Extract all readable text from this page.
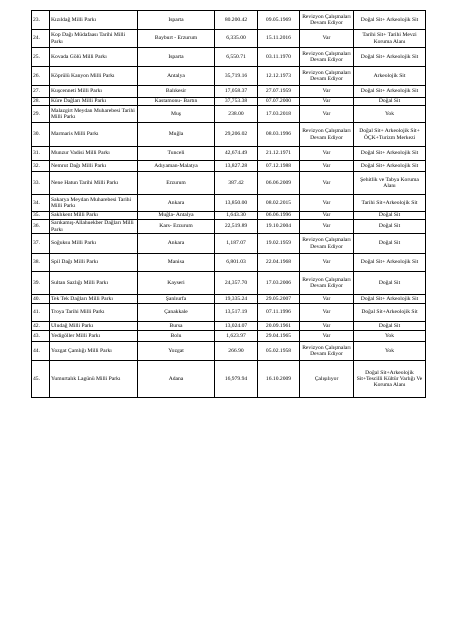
23.	Kızıldağ Milli Parkı	Isparta	80.200.42	09.05.1969	Revizyon Çalışmaları Devam Ediyor	Doğal Sit+ Arkeolojik Sit
24.	Kop Dağı Müdafaası Tarihi Milli Parkı	Bayburt - Erzurum	6,335.00	15.11.2016	Var	Tarihi Sit+ Tarihi Mevzi Koruma Alanı
25.	Kovada Gölü Milli Parkı	Isparta	6,550.71	03.11.1970	Revizyon Çalışmaları Devam Ediyor	Doğal Sit+ Arkeolojik Sit
26.	Köprülü Kanyon Milli Parkı	Antalya	35,719.16	12.12.1973	Revizyon Çalışmaları Devam Ediyor	Arkeolojik Sit
27.	Kuşcenneti Milli Parkı	Balıkesir	17,058.37	27.07.1959	Var	Doğal Sit+ Arkeolojik Sit
28.	Küre Dağları Milli Parkı	Kastamonu- Bartın	37,753.38	07.07.2000	Var	Doğal Sit
29.	Malazgirt Meydan Muharebesi Tarihi Milli Parkı	Muş	238.00	17.03.2018	Var	Yok
30.	Marmaris Milli Parkı	Muğla	29,206.02	08.03.1996	Revizyon Çalışmaları Devam Ediyor	Doğal Sit+ Arkeolojik Sit+ ÖÇK+Turizm Merkezi
31.	Munzur Vadisi Milli Parkı	Tunceli	42,674.49	21.12.1971	Var	Doğal Sit+ Arkeolojik Sit
32.	Nemrut Dağı Milli Parkı	Adıyaman-Malatya	13,827.28	07.12.1988	Var	Doğal Sit+ Arkeolojik Sit
33.	Nene Hatun Tarihi Milli Parkı	Erzurum	387.42	06.06.2009	Var	Şehitlik ve Tabya Koruma Alanı
34.	Sakarya Meydan Muharebesi Tarihi Milli Parkı	Ankara	13,850.00	08.02.2015	Var	Tarihi Sit+Arkeolojik Sit
35.	Saklıkent Milli Parkı	Muğla- Antalya	1,643.30	06.06.1996	Var	Doğal Sit
36.	Sarıkamış-Allahuekber Dağları Milli Parkı	Kars- Erzurum	22,519.89	19.10.2004	Var	Doğal Sit
37.	Soğuksu Milli Parkı	Ankara	1,187.07	19.02.1959	Revizyon Çalışmaları Devam Ediyor	Doğal Sit
38.	Spil Dağı Milli Parkı	Manisa	6,801.03	22.04.1968	Var	Doğal Sit+ Arkeolojik Sit
39.	Sultan Sazlığı Milli Parkı	Kayseri	24,357.70	17.03.2006	Revizyon Çalışmaları Devam Ediyor	Doğal Sit
40.	Tek Tek Dağları Milli Parkı	Şanlıurfa	19,335.24	29.05.2007	Var	Doğal Sit+ Arkeolojik Sit
41.	Troya Tarihi Milli Parkı	Çanakkale	13,517.19	07.11.1996	Var	Doğal Sit+Arkeolojik Sit
42.	Uludağ Milli Parkı	Bursa	13,024.07	20.09.1961	Var	Doğal Sit
43.	Yedigöller Milli Parkı	Bolu	1,623.97	29.04.1965	Var	Yok
44.	Yozgat Çamlığı Milli Parkı	Yozgat	266.90	05.02.1958	Revizyon Çalışmaları Devam Ediyor	Yok
45.	Yumurtalık Lagünü Milli Parkı	Adana	16,979.94	16.10.2009	Çalışılıyor	Doğal Sit+Arkeolojik Sit+Tescilli Kültür Varlığı Ve Koruma Alanı
